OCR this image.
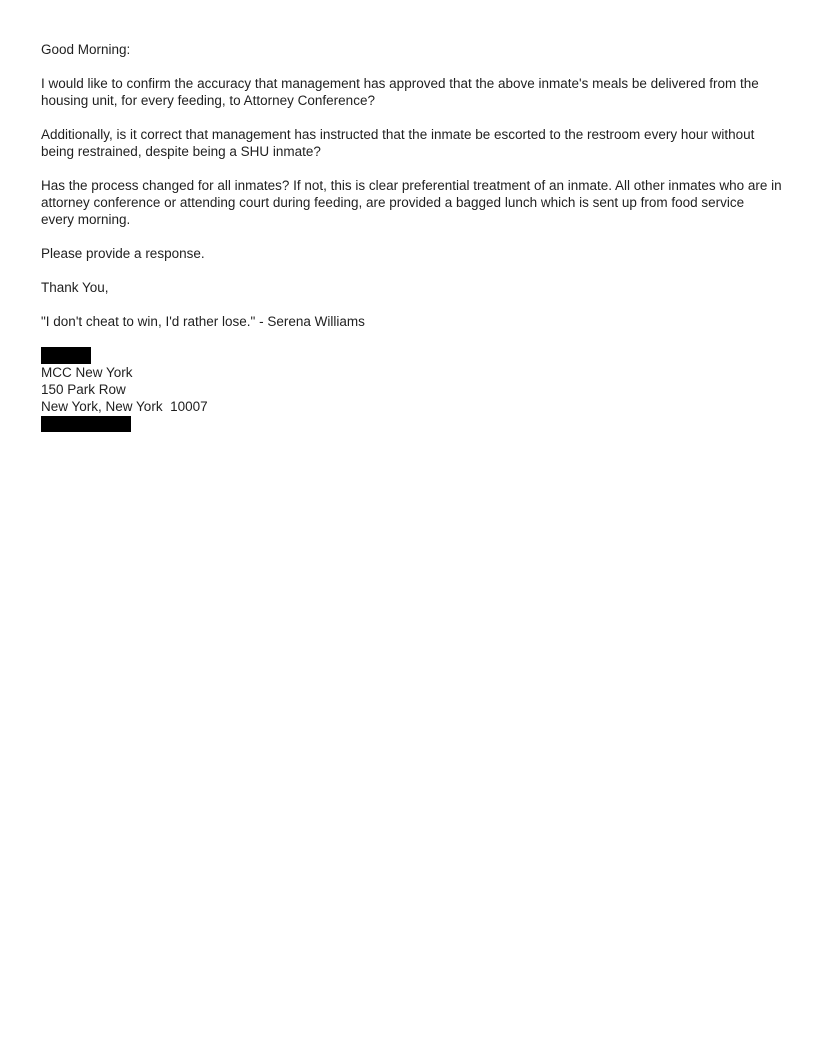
Good Morning:

I would like to confirm the accuracy that management has approved that the above inmate's meals be delivered from the
housing unit, for every feeding, to Attorney Conference?

Additionally, is it correct that management has instructed that the inmate be escorted to the restroom every hour without
being restrained, despite being a SHU inmate?

Has the process changed for all inmates? If not, this is clear preferential treatment of an inmate. All other inmates who are in
attorney conference or attending court during feeding, are provided a bagged lunch which is sent up from food service
every morning.

Please provide a response.

Thank You,

"I don't cheat to win, I'd rather lose." - Serena Williams

MCC New York
150 Park Row
New York, New York  10007
